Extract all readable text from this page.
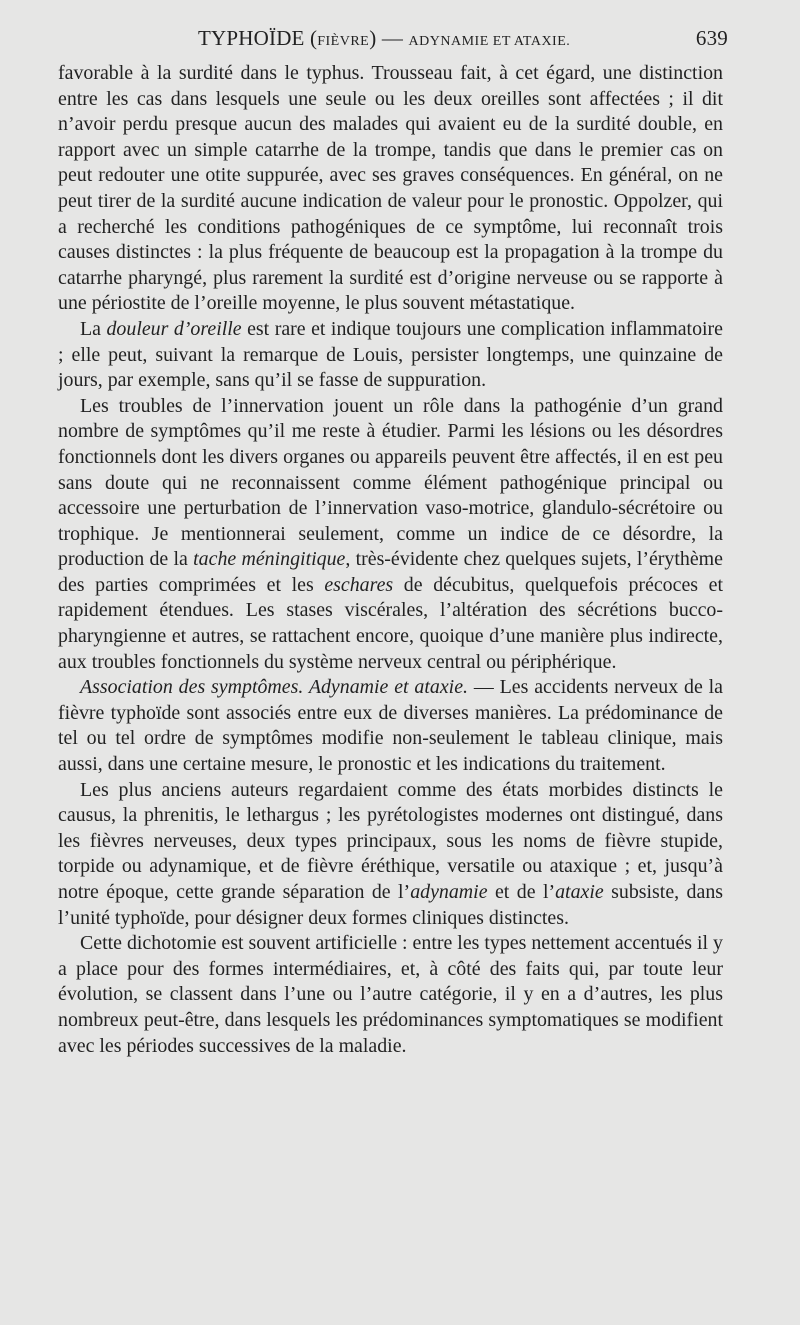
TYPHOÏDE (FIÈVRE) — ADYNAMIE ET ATAXIE.	639

favorable à la surdité dans le typhus. Trousseau fait, à cet égard, une distinction entre les cas dans lesquels une seule ou les deux oreilles sont affectées ; il dit n’avoir perdu presque aucun des malades qui avaient eu de la surdité double, en rapport avec un simple catarrhe de la trompe, tandis que dans le premier cas on peut redouter une otite suppurée, avec ses graves conséquences. En général, on ne peut tirer de la surdité aucune indication de valeur pour le pronostic. Oppolzer, qui a recherché les conditions pathogéniques de ce symptôme, lui reconnaît trois causes distinctes : la plus fréquente de beaucoup est la propagation à la trompe du catarrhe pharyngé, plus rarement la surdité est d’origine nerveuse ou se rapporte à une périostite de l’oreille moyenne, le plus souvent métastatique.

La douleur d’oreille est rare et indique toujours une complication inflammatoire ; elle peut, suivant la remarque de Louis, persister longtemps, une quinzaine de jours, par exemple, sans qu’il se fasse de suppuration.

Les troubles de l’innervation jouent un rôle dans la pathogénie d’un grand nombre de symptômes qu’il me reste à étudier. Parmi les lésions ou les désordres fonctionnels dont les divers organes ou appareils peuvent être affectés, il en est peu sans doute qui ne reconnaissent comme élément pathogénique principal ou accessoire une perturbation de l’innervation vaso-motrice, glandulo-sécrétoire ou trophique. Je mentionnerai seulement, comme un indice de ce désordre, la production de la tache méningitique, très-évidente chez quelques sujets, l’érythème des parties comprimées et les eschares de décubitus, quelquefois précoces et rapidement étendues. Les stases viscérales, l’altération des sécrétions bucco-pharyngienne et autres, se rattachent encore, quoique d’une manière plus indirecte, aux troubles fonctionnels du système nerveux central ou périphérique.

Association des symptômes. Adynamie et ataxie. — Les accidents nerveux de la fièvre typhoïde sont associés entre eux de diverses manières. La prédominance de tel ou tel ordre de symptômes modifie non-seulement le tableau clinique, mais aussi, dans une certaine mesure, le pronostic et les indications du traitement.

Les plus anciens auteurs regardaient comme des états morbides distincts le causus, la phrenitis, le lethargus ; les pyrétologistes modernes ont distingué, dans les fièvres nerveuses, deux types principaux, sous les noms de fièvre stupide, torpide ou adynamique, et de fièvre éréthique, versatile ou ataxique ; et, jusqu’à notre époque, cette grande séparation de l’adynamie et de l’ataxie subsiste, dans l’unité typhoïde, pour désigner deux formes cliniques distinctes.

Cette dichotomie est souvent artificielle : entre les types nettement accentués il y a place pour des formes intermédiaires, et, à côté des faits qui, par toute leur évolution, se classent dans l’une ou l’autre catégorie, il y en a d’autres, les plus nombreux peut-être, dans lesquels les prédominances symptomatiques se modifient avec les périodes successives de la maladie.
